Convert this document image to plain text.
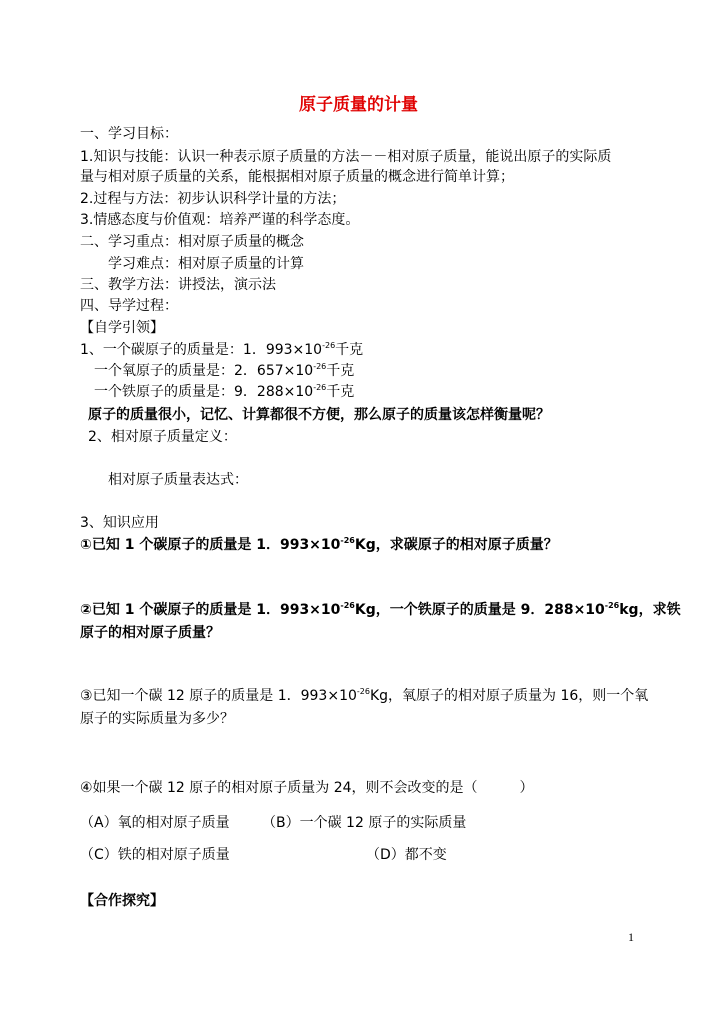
原子质量的计量
一、学习目标：
1.知识与技能：认识一种表示原子质量的方法－－相对原子质量，能说出原子的实际质
量与相对原子质量的关系，能根据相对原子质量的概念进行简单计算；
2.过程与方法：初步认识科学计量的方法；
3.情感态度与价值观：培养严谨的科学态度。
二、学习重点：相对原子质量的概念
学习难点：相对原子质量的计算
三、教学方法：讲授法，演示法
四、导学过程：
【自学引领】
1、一个碳原子的质量是：1．$993\times 10^{-26}$千克
一个氧原子的质量是：2．$657\times 10^{-26}$千克
一个铁原子的质量是：9．$288\times 10^{-26}$千克
原子的质量很小，记忆、计算都很不方便，那么原子的质量该怎样衡量呢？
2、相对原子质量定义：
相对原子质量表达式：
3、知识应用
①已知 1 个碳原子的质量是 1．$993\times 10^{-26}Kg$，求碳原子的相对原子质量？
②已知 1 个碳原子的质量是 1．$993\times 10^{-26}Kg$，一个铁原子的质量是 9．$288\times 10^{-26}kg$，求铁
原子的相对原子质量？
③已知一个碳 12 原子的质量是 1．$993\times 10^{-26}Kg$，氧原子的相对原子质量为 16，则一个氧
原子的实际质量为多少？
④如果一个碳 12 原子的相对原子质量为 24，则不会改变的是（　　　）
（A）氧的相对原子质量 （B）一个碳 12 原子的实际质量
（C）铁的相对原子质量	（D）都不变
【合作探究】
1
